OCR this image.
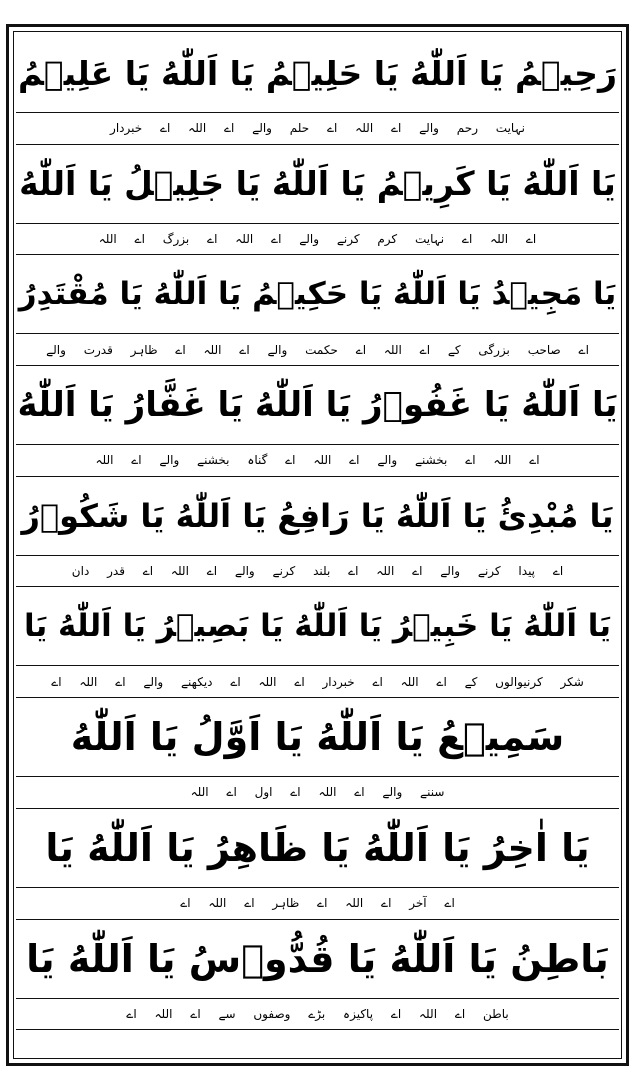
رَحِيۡمُ يَا اَللّٰهُ يَا حَلِيۡمُ يَا اَللّٰهُ يَا عَلِيۡمُ
نہایت رحم والے اے اللہ اے حلم والے اے اللہ اے خبردار
يَا اَللّٰهُ يَا كَرِيۡمُ يَا اَللّٰهُ يَا جَلِيۡلُ يَا اَللّٰهُ
اے اللہ اے نہایت کرم کرنے والے اے اللہ اے بزرگ اے اللہ
يَا مَجِيۡدُ يَا اَللّٰهُ يَا حَكِيۡمُ يَا اَللّٰهُ يَا مُقْتَدِرُ
اے صاحب بزرگی کے اے اللہ اے حکمت والے اے اللہ اے ظاہر قدرت والے
يَا اَللّٰهُ يَا غَفُوۡرُ يَا اَللّٰهُ يَا غَفَّارُ يَا اَللّٰهُ
اے اللہ اے بخشنے والے اے اللہ اے گناہ بخشنے والے اے اللہ
يَا مُبْدِئُ يَا اَللّٰهُ يَا رَافِعُ يَا اَللّٰهُ يَا شَكُوۡرُ
اے پیدا کرنے والے اے اللہ اے بلند کرنے والے اے اللہ اے قدر دان
يَا اَللّٰهُ يَا خَبِيۡرُ يَا اَللّٰهُ يَا بَصِيۡرُ يَا اَللّٰهُ يَا
شکر کرنیوالوں کے اے اللہ اے خبردار اے اللہ اے دیکھنے والے اے اللہ اے
سَمِيۡعُ يَا اَللّٰهُ يَا اَوَّلُ يَا اَللّٰهُ
سننے والے اے اللہ اے اول اے اللہ
يَا اٰخِرُ يَا اَللّٰهُ يَا ظَاهِرُ يَا اَللّٰهُ يَا
اے آخر اے اللہ اے ظاہر اے اللہ اے
بَاطِنُ يَا اَللّٰهُ يَا قُدُّوۡسُ يَا اَللّٰهُ يَا
باطن اے اللہ اے پاکیزہ بڑے وصفوں سے اے اللہ اے
